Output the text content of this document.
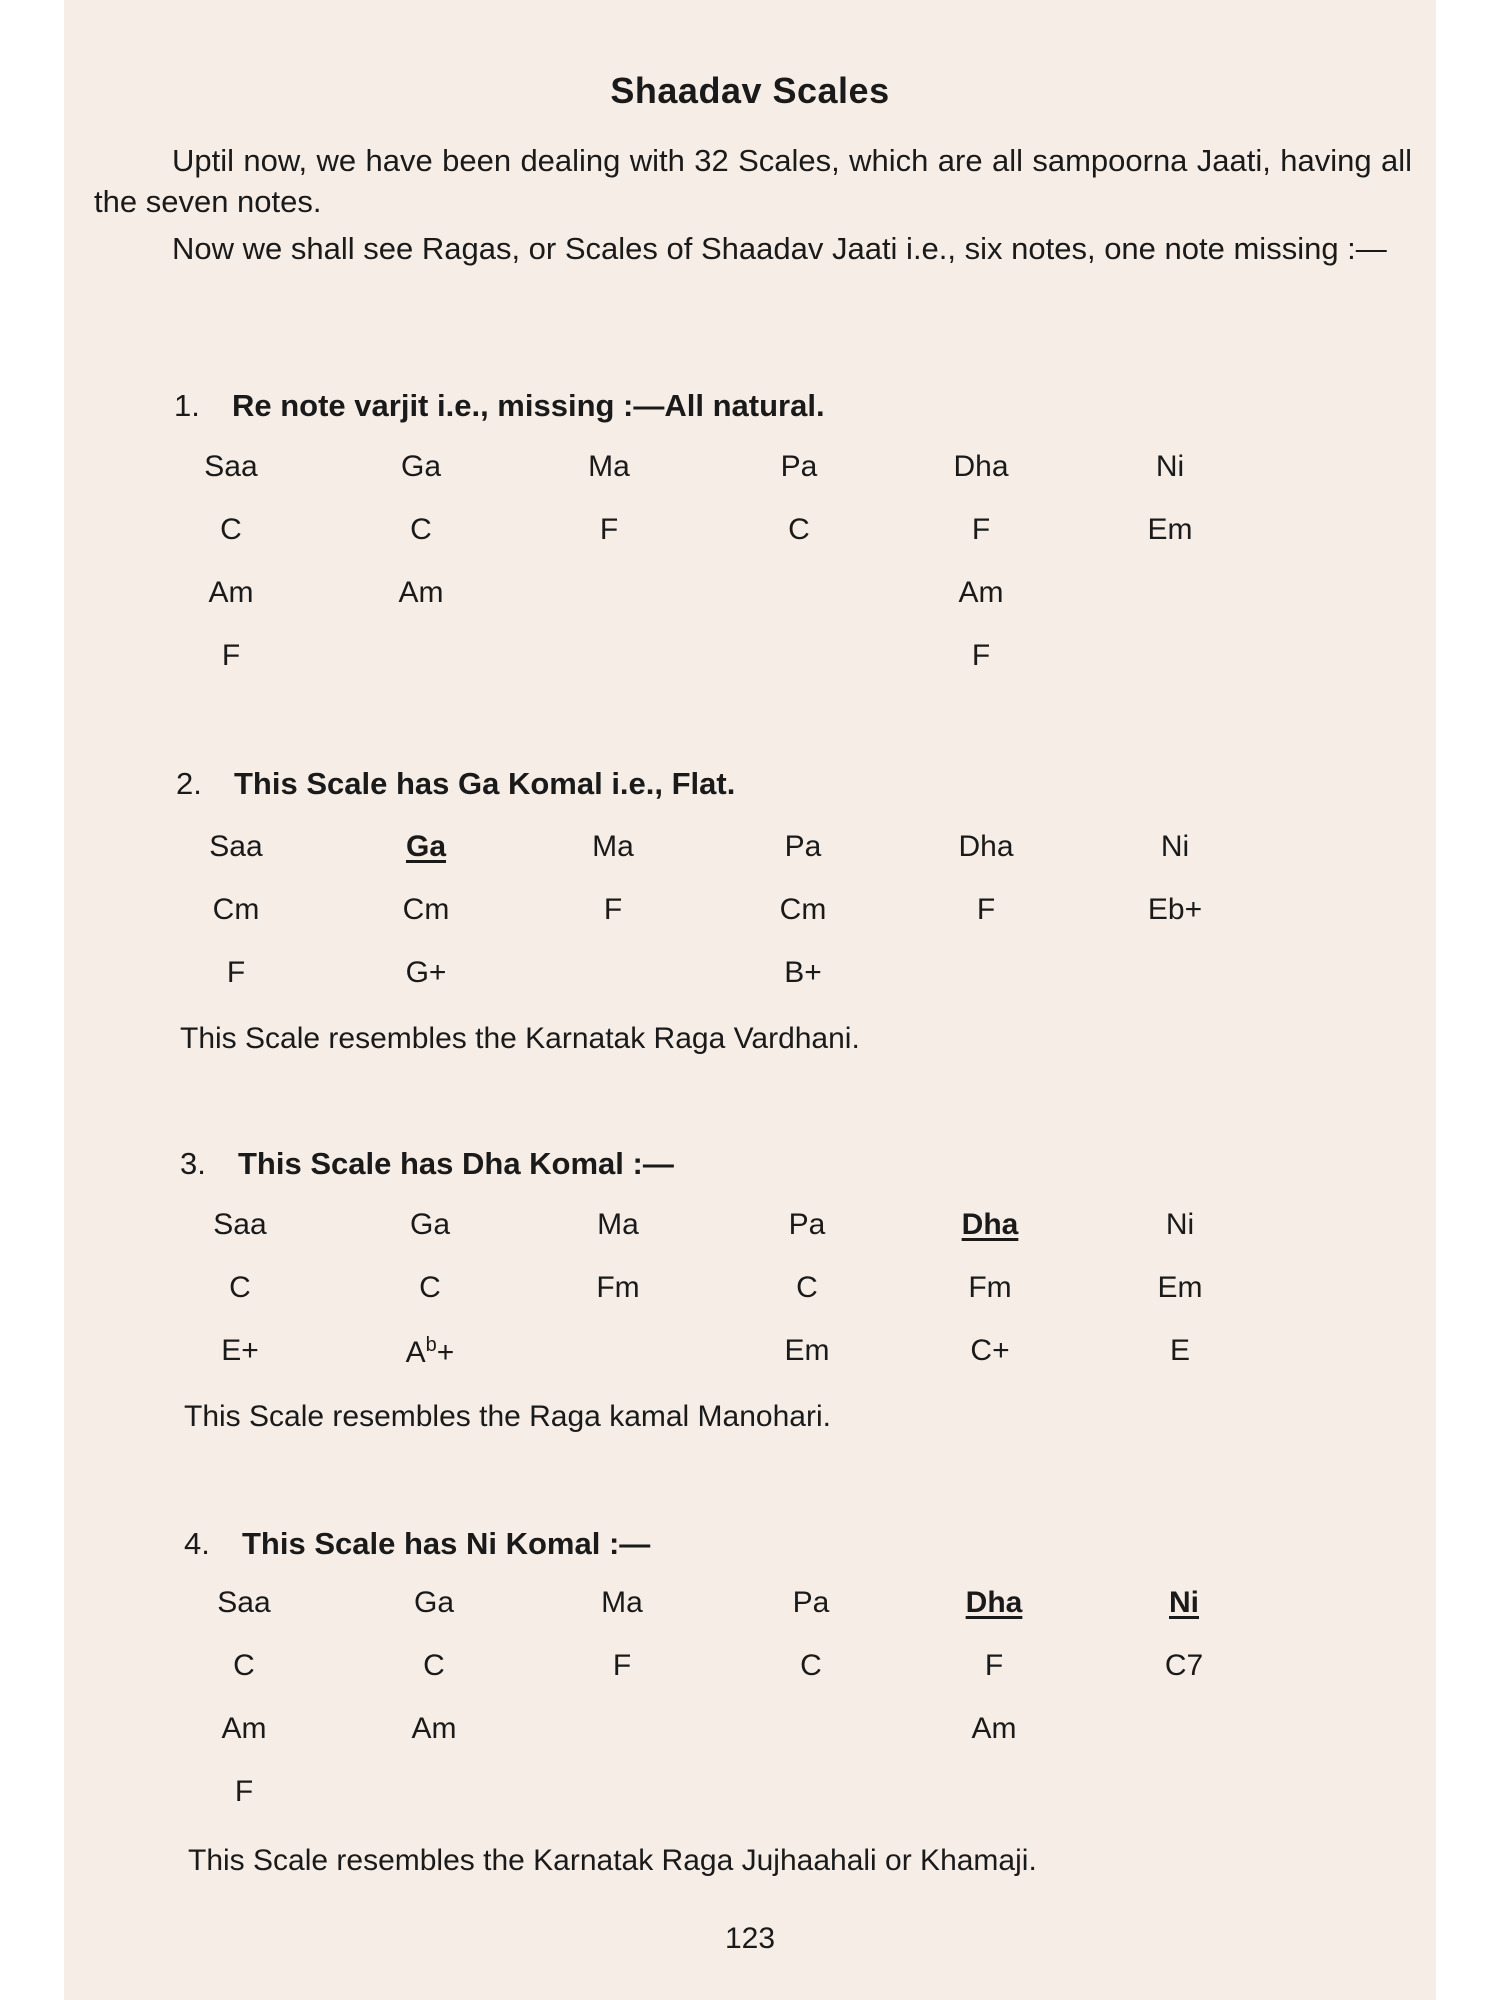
Shaadav Scales

Uptil now, we have been dealing with 32 Scales, which are all sampoorna Jaati, having all the seven notes.

Now we shall see Ragas, or Scales of Shaadav Jaati i.e., six notes, one note missing :—

1. Re note varjit i.e., missing :—All natural.
Saa
C
Am
F
Ga
C
Am
Ma
F
Pa
C
Dha
F
Am
F
Ni
Em
2. This Scale has Ga Komal i.e., Flat.
Saa
Cm
F
Ga
Cm
G+
Ma
F
Pa
Cm
B+
Dha
F
Ni
Eb+
This Scale resembles the Karnatak Raga Vardhani.
3. This Scale has Dha Komal :—
Saa
C
E+
Ga
C
$A^b+$
Ma
Fm
Pa
C
Em
Dha
Fm
C+
Ni
Em
E
This Scale resembles the Raga kamal Manohari.
4. This Scale has Ni Komal :—
Saa
C
Am
F
Ga
C
Am
Ma
F
Pa
C
Dha
F
Am
Ni
C7
This Scale resembles the Karnatak Raga Jujhaahali or Khamaji.
123
